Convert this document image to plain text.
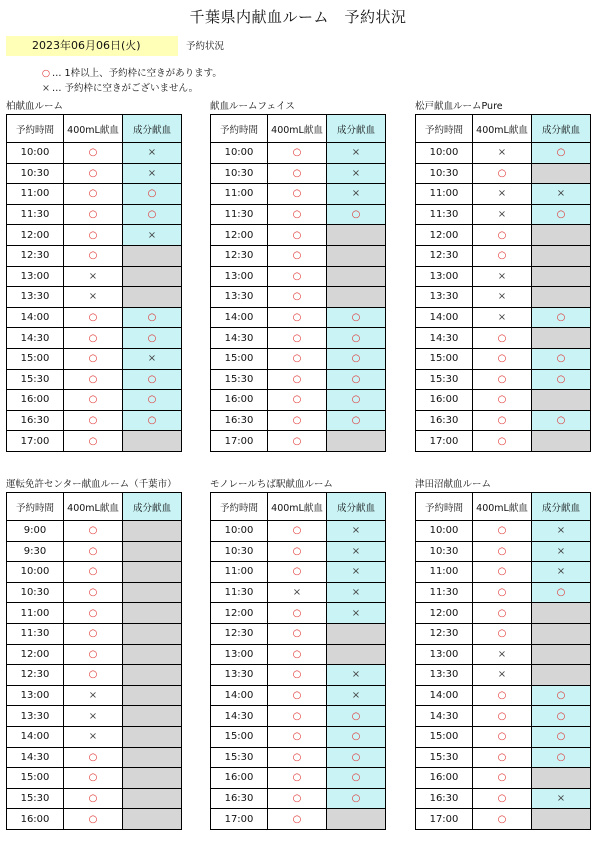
千葉県内献血ルーム　予約状況
2023年06月06日(火)	予約状況
○ … 1枠以上、予約枠に空きがあります。
× … 予約枠に空きがございません。
柏献血ルーム
予約時間	400mL献血	成分献血
10:00	○	×
10:30	○	×
11:00	○	○
11:30	○	○
12:00	○	×
12:30	○	
13:00	×	
13:30	×	
14:00	○	○
14:30	○	○
15:00	○	×
15:30	○	○
16:00	○	○
16:30	○	○
17:00	○	
献血ルームフェイス
予約時間	400mL献血	成分献血
10:00	○	×
10:30	○	×
11:00	○	×
11:30	○	○
12:00	○	
12:30	○	
13:00	○	
13:30	○	
14:00	○	○
14:30	○	○
15:00	○	○
15:30	○	○
16:00	○	○
16:30	○	○
17:00	○	
松戸献血ルームPure
予約時間	400mL献血	成分献血
10:00	×	○
10:30	○	
11:00	×	×
11:30	×	○
12:00	○	
12:30	○	
13:00	×	
13:30	×	
14:00	×	○
14:30	○	
15:00	○	○
15:30	○	○
16:00	○	
16:30	○	○
17:00	○	
運転免許センター献血ルーム（千葉市）
予約時間	400mL献血	成分献血
9:00	○	
9:30	○	
10:00	○	
10:30	○	
11:00	○	
11:30	○	
12:00	○	
12:30	○	
13:00	×	
13:30	×	
14:00	×	
14:30	○	
15:00	○	
15:30	○	
16:00	○	
モノレールちば駅献血ルーム
予約時間	400mL献血	成分献血
10:00	○	×
10:30	○	×
11:00	○	×
11:30	×	×
12:00	○	×
12:30	○	
13:00	○	
13:30	○	×
14:00	○	×
14:30	○	○
15:00	○	○
15:30	○	○
16:00	○	○
16:30	○	○
17:00	○	
津田沼献血ルーム
予約時間	400mL献血	成分献血
10:00	○	×
10:30	○	×
11:00	○	×
11:30	○	○
12:00	○	
12:30	○	
13:00	×	
13:30	×	
14:00	○	○
14:30	○	○
15:00	○	○
15:30	○	○
16:00	○	
16:30	○	×
17:00	○	
